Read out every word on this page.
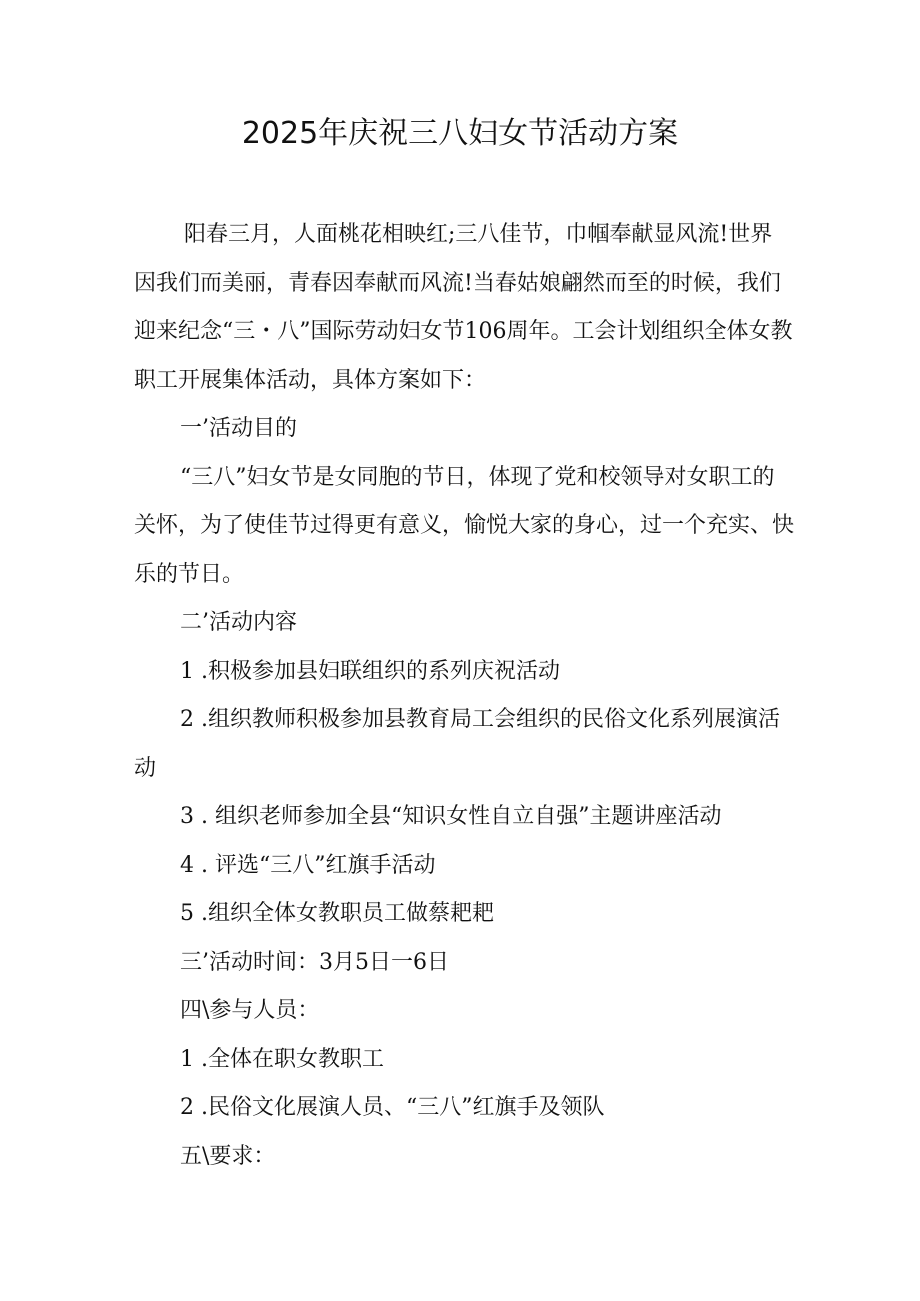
2025年庆祝三八妇女节活动方案

阳春三月，人面桃花相映红;三八佳节，巾帼奉献显风流!世界因我们而美丽，青春因奉献而风流!当春姑娘翩然而至的时候，我们迎来纪念“三・八”国际劳动妇女节106周年。工会计划组织全体女教职工开展集体活动，具体方案如下：

一’活动目的

“三八”妇女节是女同胞的节日，体现了党和校领导对女职工的关怀，为了使佳节过得更有意义，愉悦大家的身心，过一个充实、快乐的节日。

二’活动内容

1 .积极参加县妇联组织的系列庆祝活动

2 .组织教师积极参加县教育局工会组织的民俗文化系列展演活动

3 . 组织老师参加全县“知识女性自立自强”主题讲座活动

4 . 评选“三八”红旗手活动

5 .组织全体女教职员工做蔡耙耙

三’活动时间：3月5日一6日

四\参与人员：

1 .全体在职女教职工

2 .民俗文化展演人员、“三八”红旗手及领队

五\要求：
